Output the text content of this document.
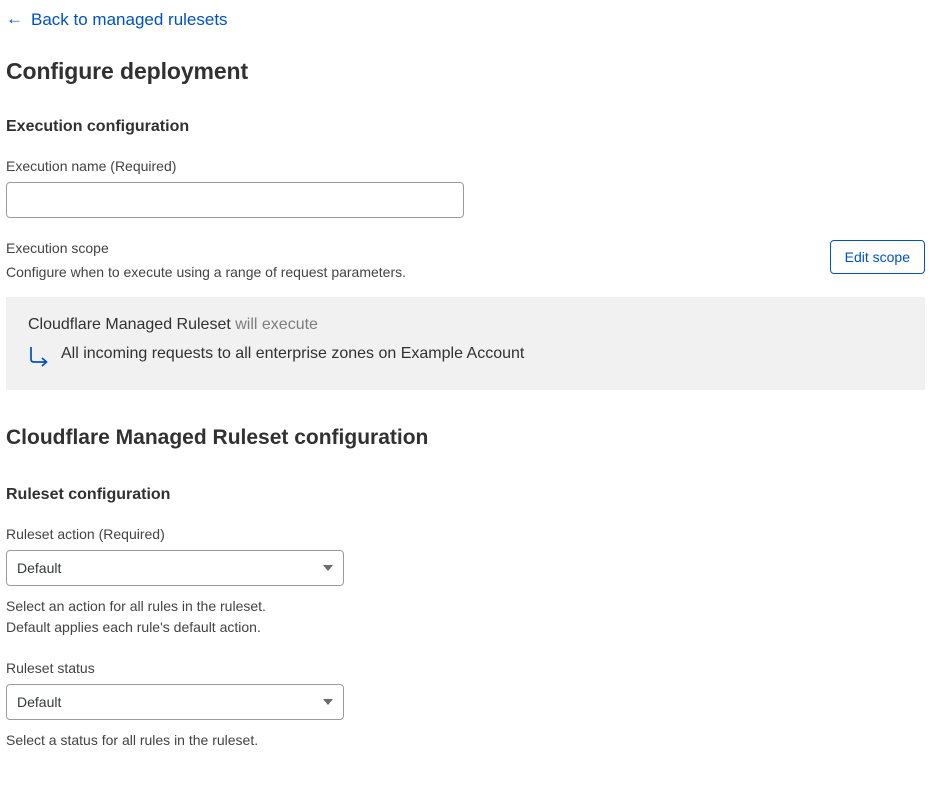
← Back to managed rulesets
Configure deployment
Execution configuration
Execution name (Required)
Execution scope
Configure when to execute using a range of request parameters.
Edit scope
Cloudflare Managed Ruleset will execute
All incoming requests to all enterprise zones on Example Account
Cloudflare Managed Ruleset configuration
Ruleset configuration
Ruleset action (Required)
Default
Select an action for all rules in the ruleset.
Default applies each rule's default action.
Ruleset status
Default
Select a status for all rules in the ruleset.
